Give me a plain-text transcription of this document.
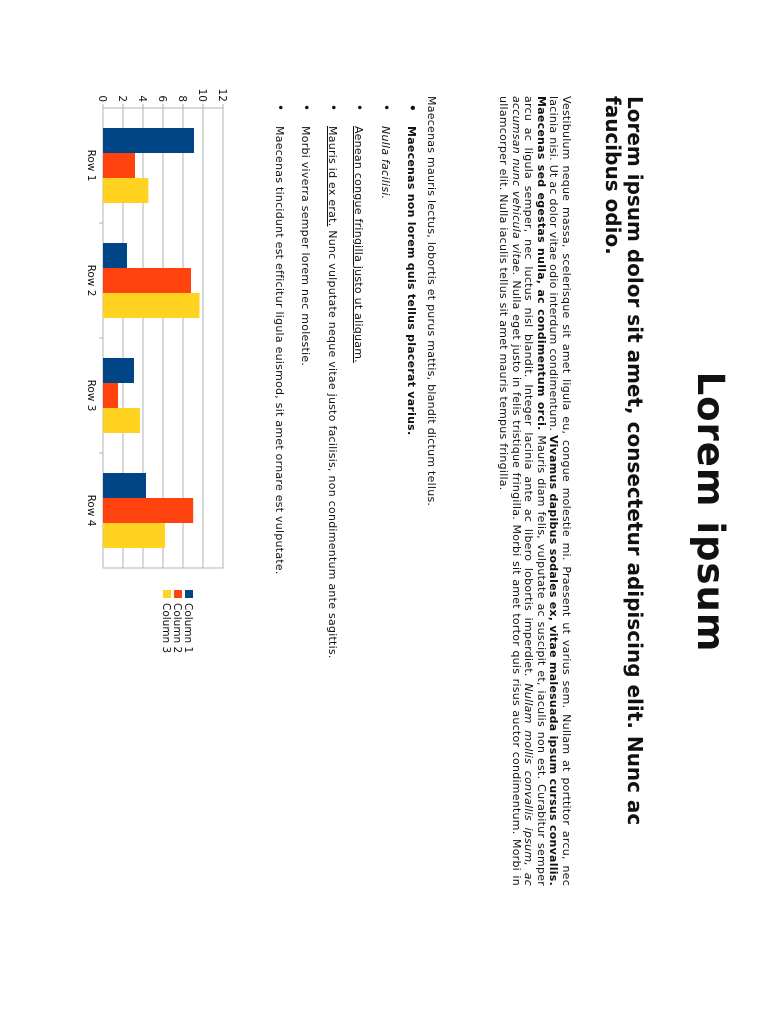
Lorem ipsum
Lorem ipsum dolor sit amet, consectetur adipiscing elit. Nunc ac faucibus odio.
Vestibulum neque massa, scelerisque sit amet ligula eu, congue molestie mi. Praesent ut varius sem. Nullam at porttitor arcu, nec lacinia nisi. Ut ac dolor vitae odio interdum condimentum. Vivamus dapibus sodales ex, vitae malesuada ipsum cursus convallis. Maecenas sed egestas nulla, ac condimentum orci. Mauris diam felis, vulputate ac suscipit et, iaculis non est. Curabitur semper arcu ac ligula semper, nec luctus nisl blandit. Integer lacinia ante ac libero lobortis imperdiet. Nullam mollis convallis ipsum, ac accumsan nunc vehicula vitae. Nulla eget justo in felis tristique fringilla. Morbi sit amet tortor quis risus auctor condimentum. Morbi in ullamcorper elit. Nulla iaculis tellus sit amet mauris tempus fringilla.
Maecenas mauris lectus, lobortis et purus mattis, blandit dictum tellus.
• Maecenas non lorem quis tellus placerat varius.
• Nulla facilisi.
• Aenean congue fringilla justo ut aliquam.
• Mauris id ex erat. Nunc vulputate neque vitae justo facilisis, non condimentum ante sagittis.
• Morbi viverra semper lorem nec molestie.
• Maecenas tincidunt est efficitur ligula euismod, sit amet ornare est vulputate.
0 2 4 6 8 10 12
Row 1
Row 2
Row 3
Row 4
Column 1
Column 2
Column 3
